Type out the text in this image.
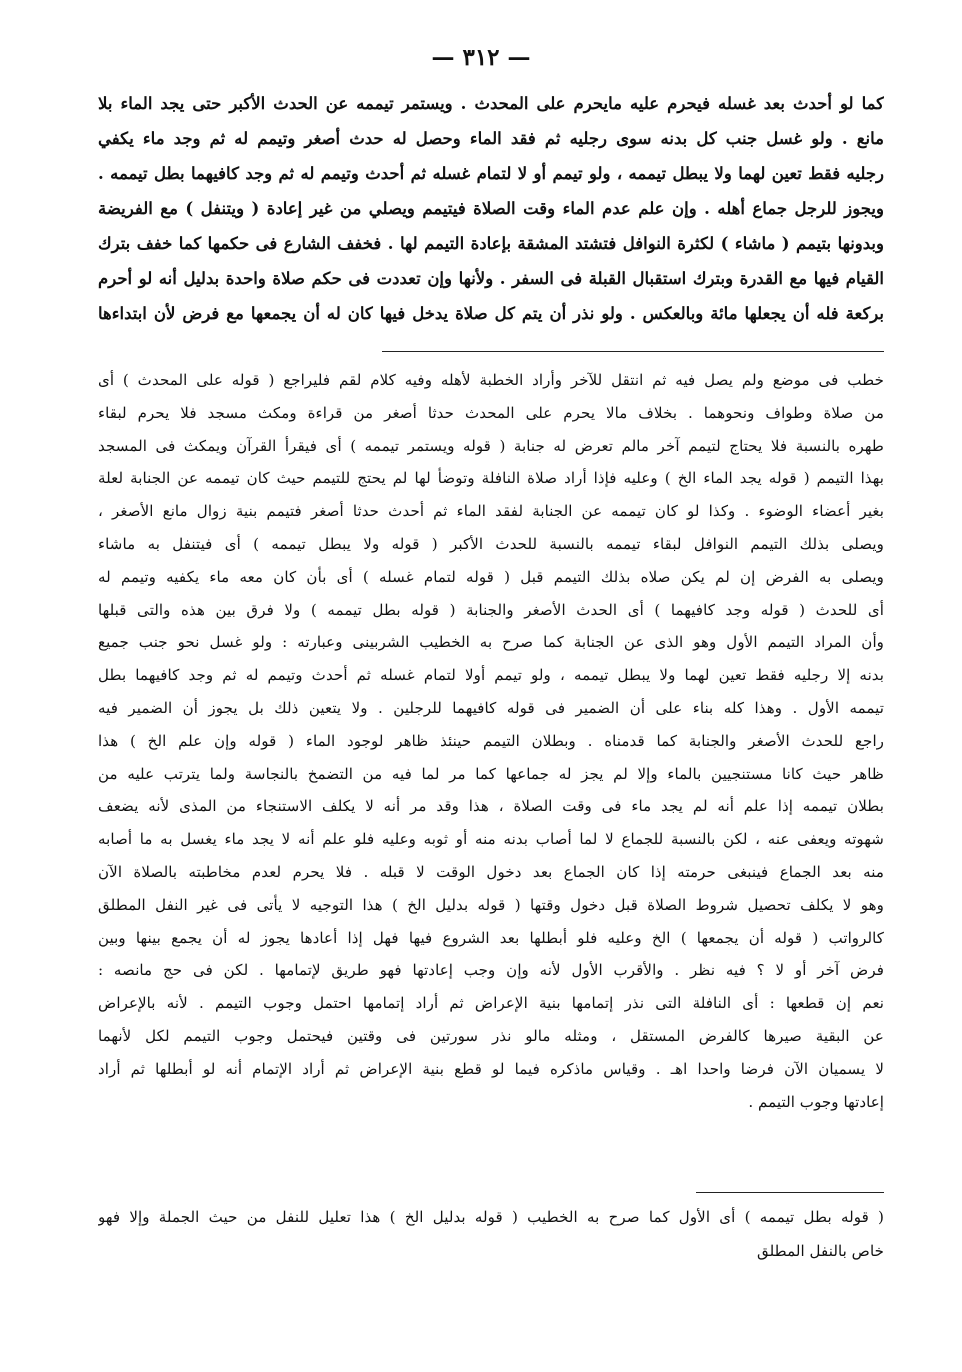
— ٣١٢ —
كما لو أحدث بعد غسله فيحرم عليه مايحرم على المحدث . ويستمر تيممه عن الحدث الأكبر حتى يجد الماء بلا
مانع . ولو غسل جنب كل بدنه سوى رجليه ثم فقد الماء وحصل له حدث أصغر وتيمم له ثم وجد ماء يكفي
رجليه فقط تعين لهما ولا يبطل تيممه ، ولو تيمم أو لا لتمام غسله ثم أحدث وتيمم له ثم وجد كافيهما بطل تيممه .
ويجوز للرجل جماع أهله . وإن علم عدم الماء وقت الصلاة فيتيمم ويصلي من غير إعادة ( ويتنفل ) مع الفريضة
وبدونها بتيمم ( ماشاء ) لكثرة النوافل فتشتد المشقة بإعادة التيمم لها . فخفف الشارع فى حكمها كما خفف بترك
القيام فيها مع القدرة وبترك استقبال القبلة فى السفر . ولأنها وإن تعددت فى حكم صلاة واحدة بدليل أنه لو أحرم
بركعة فله أن يجعلها مائة وبالعكس . ولو نذر أن يتم كل صلاة يدخل فيها كان له أن يجمعها مع فرض لأن ابتداءها
خطب فى موضع ولم يصل فيه ثم انتقل للآخر وأراد الخطبة لأهله وفيه كلام لقم فليراجع ( قوله على المحدث ) أى
من صلاة وطواف ونحوهما . بخلاف مالا يحرم على المحدث حدثا أصغر من قراءة ومكث مسجد فلا يحرم لبقاء
طهره بالنسبة فلا يحتاج لتيمم آخر مالم تعرض له جنابة ( قوله ويستمر تيممه ) أى فيقرأ القرآن ويمكث فى المسجد
بهذا التيمم ( قوله يجد الماء الخ ) وعليه فإذا أراد صلاة النافلة وتوضأ لها لم يحتج للتيمم حيث كان تيممه عن الجنابة لعلة
بغير أعضاء الوضوء . وكذا لو كان تيممه عن الجنابة لفقد الماء ثم أحدث حدثا أصغر فتيمم بنية زوال مانع الأصغر ،
ويصلى بذلك التيمم النوافل لبقاء تيممه بالنسبة للحدث الأكبر ( قوله ولا يبطل تيممه ) أى فيتنفل به ماشاء
ويصلى به الفرض إن لم يكن صلاه بذلك التيمم قبل ( قوله لتمام غسله ) أى بأن كان معه ماء يكفيه وتيمم له
أى للحدث ( قوله وجد كافيهما ) أى الحدث الأصغر والجنابة ( قوله بطل تيممه ) ولا فرق بين هذه والتى قبلها
وأن المراد التيمم الأول وهو الذى عن الجنابة كما صرح به الخطيب الشربينى وعبارته : ولو غسل نحو جنب جميع
بدنه إلا رجليه فقط تعين لهما ولا يبطل تيممه ، ولو تيمم أولا لتمام غسله ثم أحدث وتيمم له ثم وجد كافيهما بطل
تيممه الأول . وهذا كله بناء على أن الضمير فى قوله كافيهما للرجلين . ولا يتعين ذلك بل يجوز أن الضمير فيه
راجع للحدث الأصغر والجنابة كما قدمناه . وبطلان التيمم حينئذ ظاهر لوجود الماء ( قوله وإن علم الخ ) هذا
ظاهر حيث كانا مستنجيين بالماء وإلا لم يجز له جماعها كما مر لما فيه من التضمخ بالنجاسة ولما يترتب عليه من
بطلان تيممه إذا علم أنه لم يجد ماء فى وقت الصلاة ، هذا وقد مر أنه لا يكلف الاستنجاء من المذى لأنه يضعف
شهوته ويعفى عنه ، لكن بالنسبة للجماع لا لما أصاب بدنه منه أو ثوبه وعليه فلو علم أنه لا يجد ماء يغسل به ما أصابه
منه بعد الجماع فينبغى حرمته إذا كان الجماع بعد دخول الوقت لا قبله . فلا يحرم لعدم مخاطبته بالصلاة الآن
وهو لا يكلف تحصيل شروط الصلاة قبل دخول وقتها ( قوله بدليل الخ ) هذا التوجيه لا يأتى فى غير النفل المطلق
كالرواتب ( قوله أن يجمعها ) الخ وعليه فلو أبطلها بعد الشروع فيها فهل إذا أعادها يجوز له أن يجمع بينها وبين
فرض آخر أو لا ؟ فيه نظر . والأقرب الأول لأنه وإن وجب إعادتها فهو طريق لإتمامها . لكن فى حج مانصه :
نعم إن قطعها : أى النافلة التى نذر إتمامها بنية الإعراض ثم أراد إتمامها احتمل وجوب التيمم . لأنه بالإعراض
عن البقية صيرها كالفرض المستقل ، ومثله مالو نذر سورتين فى وقتين فيحتمل وجوب التيمم لكل لأنهما
لا يسميان الآن فرضا واحدا اهـ . وقياس ماذكره فيما لو قطع بنية الإعراض ثم أراد الإتمام أنه لو أبطلها ثم أراد
إعادتها وجوب التيمم .
( قوله بطل تيممه ) أى الأول كما صرح به الخطيب ( قوله بدليل الخ ) هذا تعليل للنفل من حيث الجملة وإلا فهو
خاص بالنفل المطلق
